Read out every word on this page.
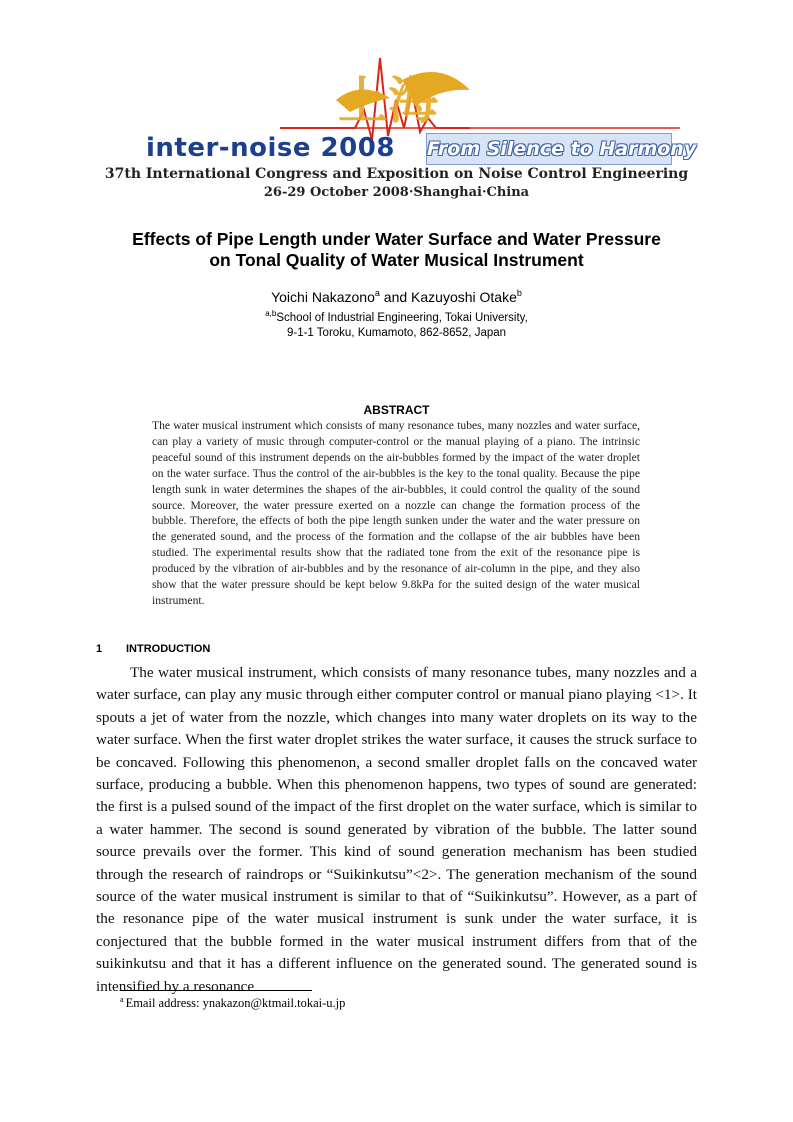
上海
inter-noise 2008 From Silence to Harmony
37th International Congress and Exposition on Noise Control Engineering
26-29 October 2008·Shanghai·China
Effects of Pipe Length under Water Surface and Water Pressure
on Tonal Quality of Water Musical Instrument
Yoichi Nakazono$^a$ and Kazuyoshi Otake$^b$
$^{a,b}$School of Industrial Engineering, Tokai University,
9-1-1 Toroku, Kumamoto, 862-8652, Japan
ABSTRACT
The water musical instrument which consists of many resonance tubes, many nozzles and water surface, can play a variety of music through computer-control or the manual playing of a piano. The intrinsic peaceful sound of this instrument depends on the air-bubbles formed by the impact of the water droplet on the water surface. Thus the control of the air-bubbles is the key to the tonal quality. Because the pipe length sunk in water determines the shapes of the air-bubbles, it could control the quality of the sound source. Moreover, the water pressure exerted on a nozzle can change the formation process of the bubble. Therefore, the effects of both the pipe length sunken under the water and the water pressure on the generated sound, and the process of the formation and the collapse of the air bubbles have been studied. The experimental results show that the radiated tone from the exit of the resonance pipe is produced by the vibration of air-bubbles and by the resonance of air-column in the pipe, and they also show that the water pressure should be kept below 9.8kPa for the suited design of the water musical instrument.
1 INTRODUCTION

The water musical instrument, which consists of many resonance tubes, many nozzles and a water surface, can play any music through either computer control or manual piano playing <1>. It spouts a jet of water from the nozzle, which changes into many water droplets on its way to the water surface. When the first water droplet strikes the water surface, it causes the struck surface to be concaved. Following this phenomenon, a second smaller droplet falls on the concaved water surface, producing a bubble. When this phenomenon happens, two types of sound are generated: the first is a pulsed sound of the impact of the first droplet on the water surface, which is similar to a water hammer. The second is sound generated by vibration of the bubble. The latter sound source prevails over the former. This kind of sound generation mechanism has been studied through the research of raindrops or “Suikinkutsu”<2>. The generation mechanism of the sound source of the water musical instrument is similar to that of “Suikinkutsu”. However, as a part of the resonance pipe of the water musical instrument is sunk under the water surface, it is conjectured that the bubble formed in the water musical instrument differs from that of the suikinkutsu and that it has a different influence on the generated sound. The generated sound is intensified by a resonance

$^a$ Email address: ynakazon@ktmail.tokai-u.jp
